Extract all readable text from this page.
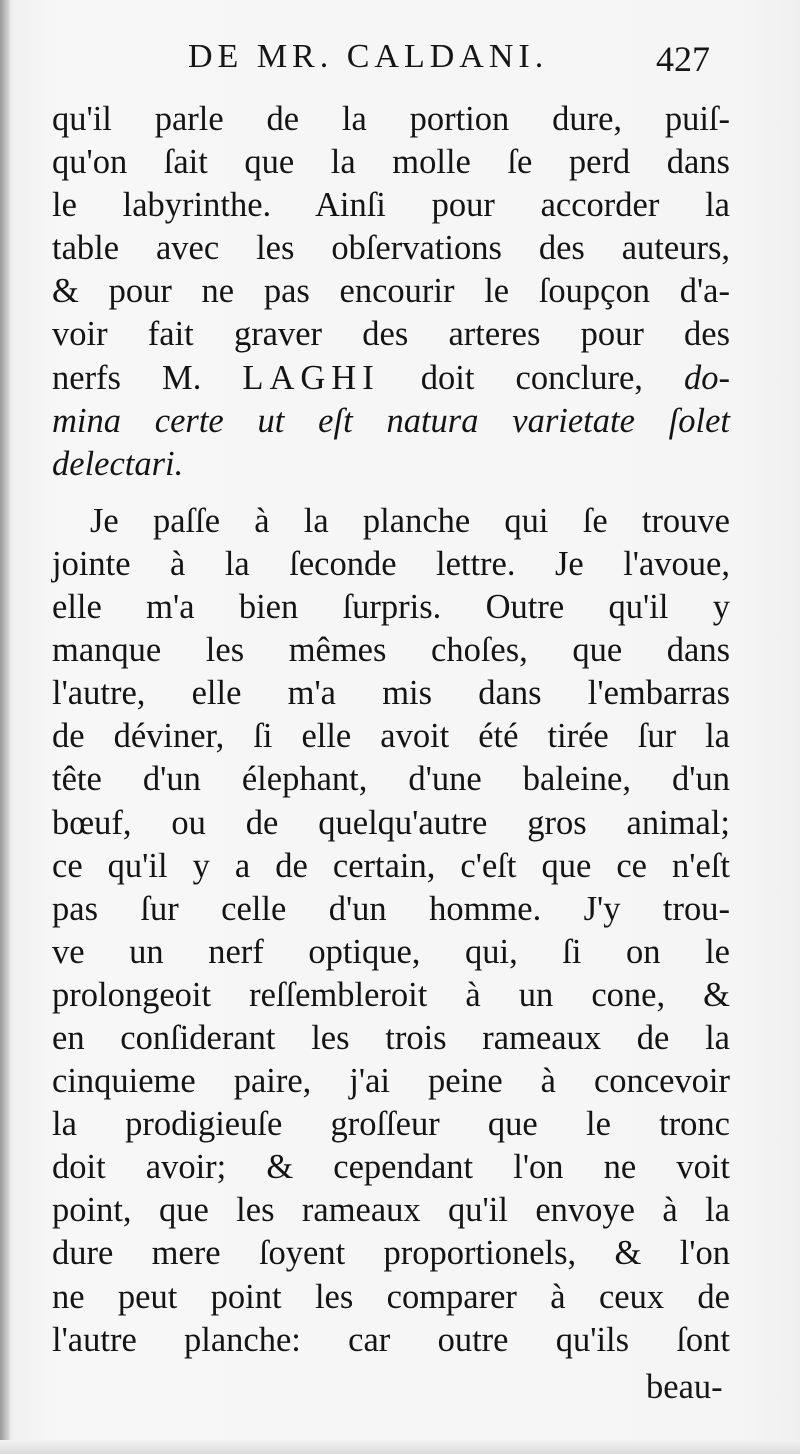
DE MR. CALDANI.	427
qu'il parle de la portion dure, puiſ-
qu'on ſait que la molle ſe perd dans
le labyrinthe. Ainſi pour accorder la
table avec les obſervations des auteurs,
& pour ne pas encourir le ſoupçon d'a-
voir fait graver des arteres pour des
nerfs M. LAGHI doit conclure, do-
mina certe ut eſt natura varietate ſolet
delectari.
Je paſſe à la planche qui ſe trouve
jointe à la ſeconde lettre. Je l'avoue,
elle m'a bien ſurpris. Outre qu'il y
manque les mêmes choſes, que dans
l'autre, elle m'a mis dans l'embarras
de déviner, ſi elle avoit été tirée ſur la
tête d'un élephant, d'une baleine, d'un
bœuf, ou de quelqu'autre gros animal;
ce qu'il y a de certain, c'eſt que ce n'eſt
pas ſur celle d'un homme. J'y trou-
ve un nerf optique, qui, ſi on le
prolongeoit reſſembleroit à un cone, &
en conſiderant les trois rameaux de la
cinquieme paire, j'ai peine à concevoir
la prodigieuſe groſſeur que le tronc
doit avoir; & cependant l'on ne voit
point, que les rameaux qu'il envoye à la
dure mere ſoyent proportionels, & l'on
ne peut point les comparer à ceux de
l'autre planche: car outre qu'ils ſont
beau-
